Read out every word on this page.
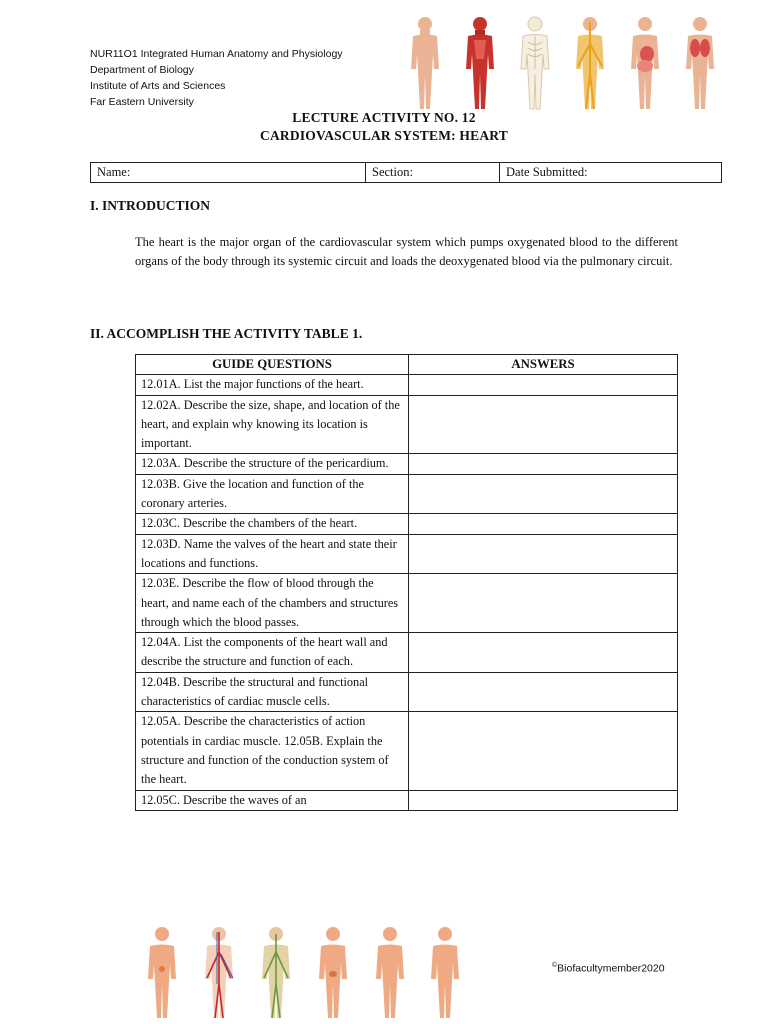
NUR11O1 Integrated Human Anatomy and Physiology
Department of Biology
Institute of Arts and Sciences
Far Eastern University
LECTURE ACTIVITY NO. 12
CARDIOVASCULAR SYSTEM: HEART
Name:	Section:	Date Submitted:
I. INTRODUCTION
The heart is the major organ of the cardiovascular system which pumps oxygenated blood to the different organs of the body through its systemic circuit and loads the deoxygenated blood via the pulmonary circuit.
II. ACCOMPLISH THE ACTIVITY TABLE 1.
GUIDE QUESTIONS	ANSWERS
12.01A. List the major functions of the heart.	
12.02A. Describe the size, shape, and location of the heart, and explain why knowing its location is important.	
12.03A. Describe the structure of the pericardium.	
12.03B. Give the location and function of the coronary arteries.	
12.03C. Describe the chambers of the heart.	
12.03D. Name the valves of the heart and state their locations and functions.	
12.03E. Describe the flow of blood through the heart, and name each of the chambers and structures through which the blood passes.	
12.04A. List the components of the heart wall and describe the structure and function of each.	
12.04B. Describe the structural and functional characteristics of cardiac muscle cells.	
12.05A. Describe the characteristics of action potentials in cardiac muscle. 12.05B. Explain the structure and function of the conduction system of the heart.	
12.05C. Describe the waves of an	
©Biofacultymember2020
